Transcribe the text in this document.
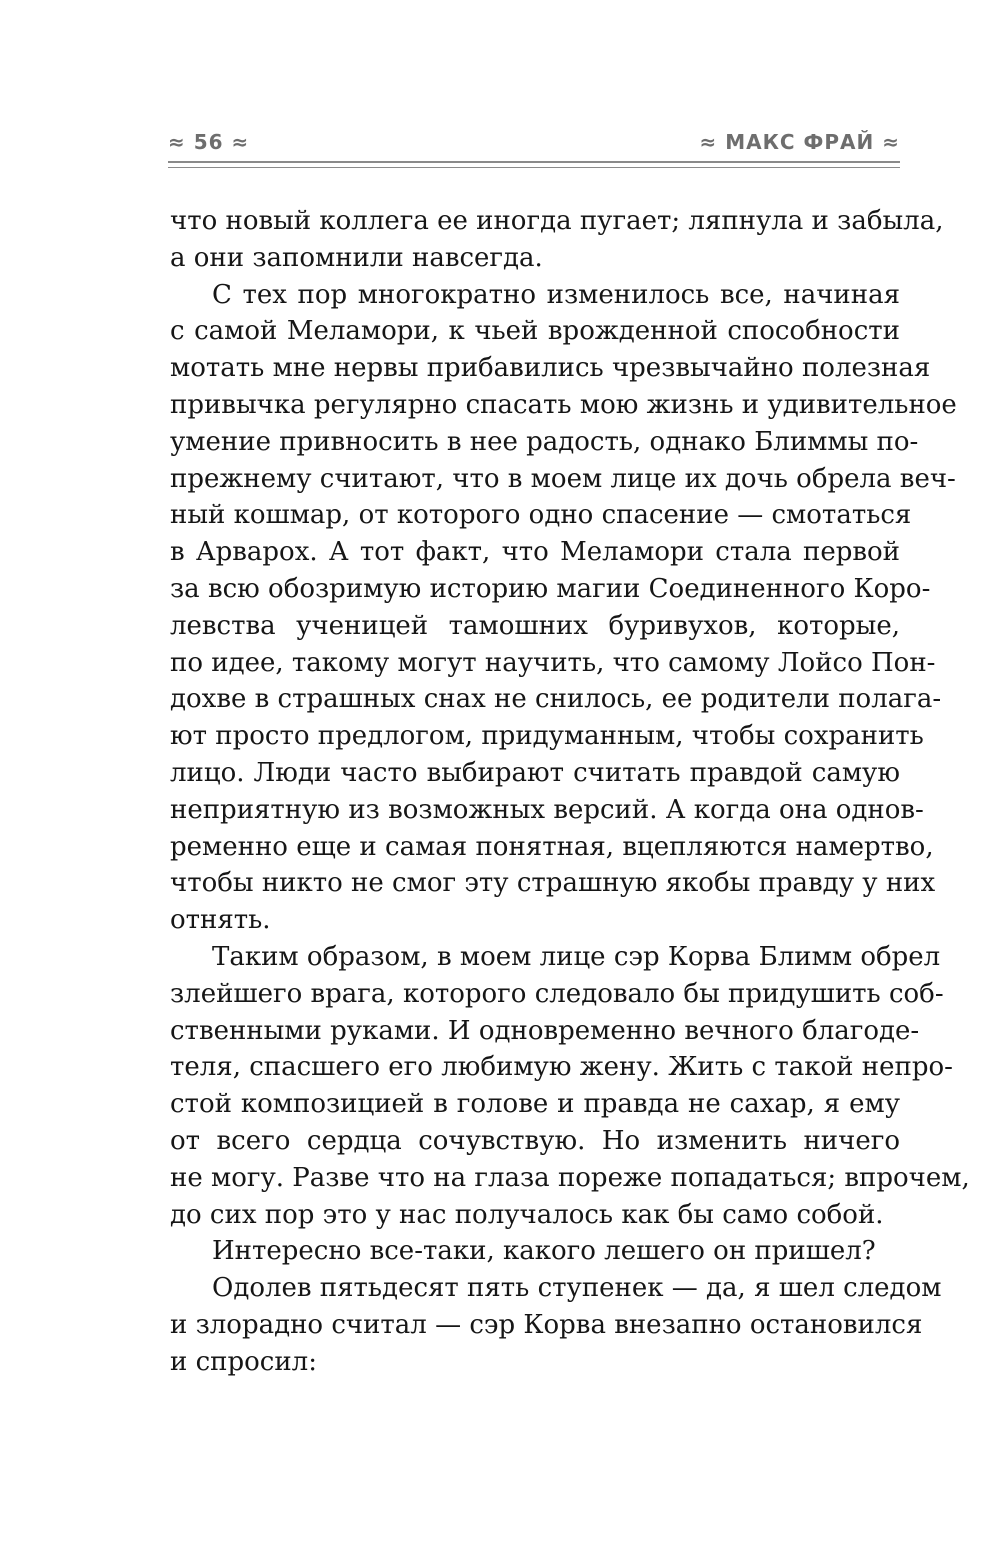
≈ 56 ≈	≈ МАКС ФРАЙ ≈
что новый коллега ее иногда пугает; ляпнула и забыла,
а они запомнили навсегда.
С тех пор многократно изменилось все, начиная
с самой Меламори, к чьей врожденной способности
мотать мне нервы прибавились чрезвычайно полезная
привычка регулярно спасать мою жизнь и удивительное
умение привносить в нее радость, однако Блиммы по-
прежнему считают, что в моем лице их дочь обрела веч-
ный кошмар, от которого одно спасение — смотаться
в Арварох. А тот факт, что Меламори стала первой
за всю обозримую историю магии Соединенного Коро-
левства ученицей тамошних буривухов, которые,
по идее, такому могут научить, что самому Лойсо Пон-
дохве в страшных снах не снилось, ее родители полага-
ют просто предлогом, придуманным, чтобы сохранить
лицо. Люди часто выбирают считать правдой самую
неприятную из возможных версий. А когда она однов-
ременно еще и самая понятная, вцепляются намертво,
чтобы никто не смог эту страшную якобы правду у них
отнять.
Таким образом, в моем лице сэр Корва Блимм обрел
злейшего врага, которого следовало бы придушить соб-
ственными руками. И одновременно вечного благоде-
теля, спасшего его любимую жену. Жить с такой непро-
стой композицией в голове и правда не сахар, я ему
от всего сердца сочувствую. Но изменить ничего
не могу. Разве что на глаза пореже попадаться; впрочем,
до сих пор это у нас получалось как бы само собой.
Интересно все-таки, какого лешего он пришел?
Одолев пятьдесят пять ступенек — да, я шел следом
и злорадно считал — сэр Корва внезапно остановился
и спросил:
